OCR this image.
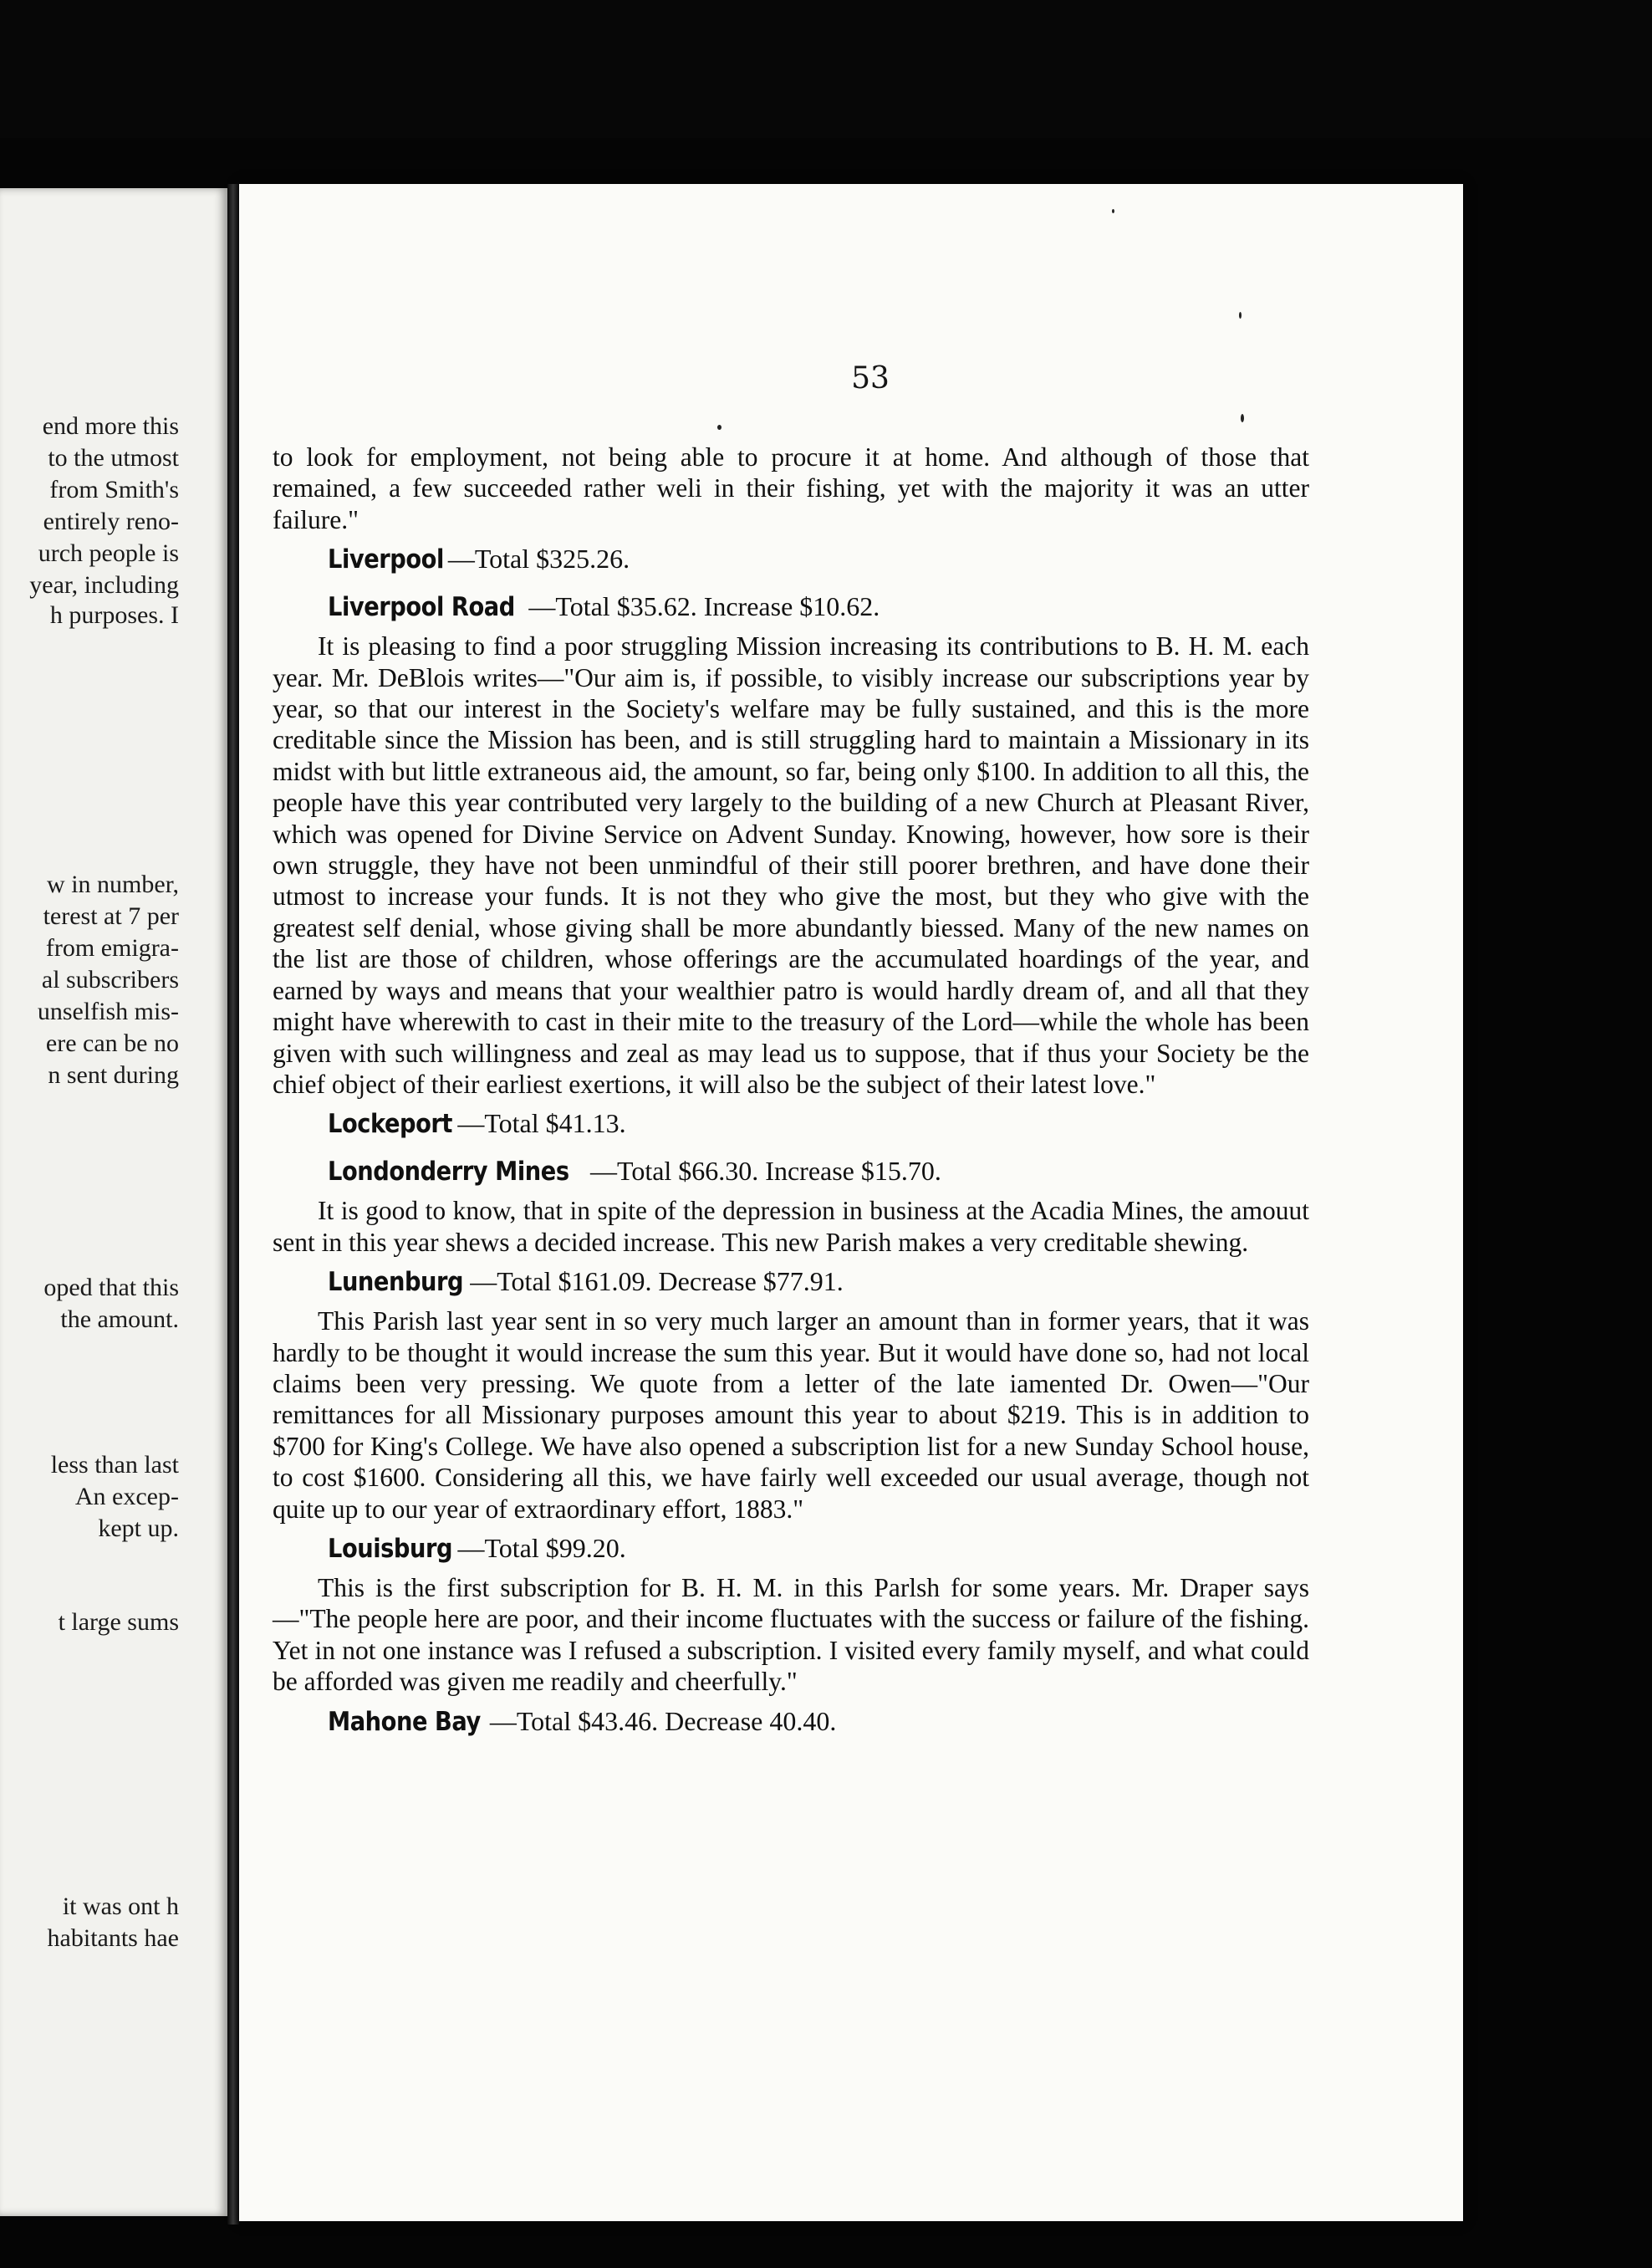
end more this
to the utmost
from Smith's
entirely reno-
urch people is
year, including
h purposes. I
w in number,
terest at 7 per
from emigra-
al subscribers
unselfish mis-
ere can be no
n sent during
oped that this
the amount.
less than last
An excep-
kept up.
t large sums
it was ont h
habitants hae
53

to look for employment, not being able to procure it at home. And although of those that remained, a few succeeded rather weli in their fishing, yet with the majority it was an utter failure."

Liverpool —Total $325.26.

Liverpool Road —Total $35.62. Increase $10.62.

It is pleasing to find a poor struggling Mission increasing its contributions to B. H. M. each year. Mr. DeBlois writes—"Our aim is, if possible, to visibly increase our subscriptions year by year, so that our interest in the Society's welfare may be fully sustained, and this is the more creditable since the Mission has been, and is still struggling hard to maintain a Missionary in its midst with but little extraneous aid, the amount, so far, being only $100. In addition to all this, the people have this year contributed very largely to the building of a new Church at Pleasant River, which was opened for Divine Service on Advent Sunday. Knowing, however, how sore is their own struggle, they have not been unmindful of their still poorer brethren, and have done their utmost to increase your funds. It is not they who give the most, but they who give with the greatest self denial, whose giving shall be more abundantly biessed. Many of the new names on the list are those of children, whose offerings are the accumulated hoardings of the year, and earned by ways and means that your wealthier patro is would hardly dream of, and all that they might have wherewith to cast in their mite to the treasury of the Lord—while the whole has been given with such willingness and zeal as may lead us to suppose, that if thus your Society be the chief object of their earliest exertions, it will also be the subject of their latest love."

Lockeport —Total $41.13.

Londonderry Mines —Total $66.30. Increase $15.70.

It is good to know, that in spite of the depression in business at the Acadia Mines, the amouut sent in this year shews a decided increase. This new Parish makes a very creditable shewing.

Lunenburg —Total $161.09. Decrease $77.91.

This Parish last year sent in so very much larger an amount than in former years, that it was hardly to be thought it would increase the sum this year. But it would have done so, had not local claims been very pressing. We quote from a letter of the late iamented Dr. Owen—"Our remittances for all Missionary purposes amount this year to about $219. This is in addition to $700 for King's College. We have also opened a subscription list for a new Sunday School house, to cost $1600. Considering all this, we have fairly well exceeded our usual average, though not quite up to our year of extraordinary effort, 1883."

Louisburg —Total $99.20.

This is the first subscription for B. H. M. in this Parlsh for some years. Mr. Draper says—"The people here are poor, and their income fluctuates with the success or failure of the fishing. Yet in not one instance was I refused a subscription. I visited every family myself, and what could be afforded was given me readily and cheerfully."

Mahone Bay —Total $43.46. Decrease 40.40.
